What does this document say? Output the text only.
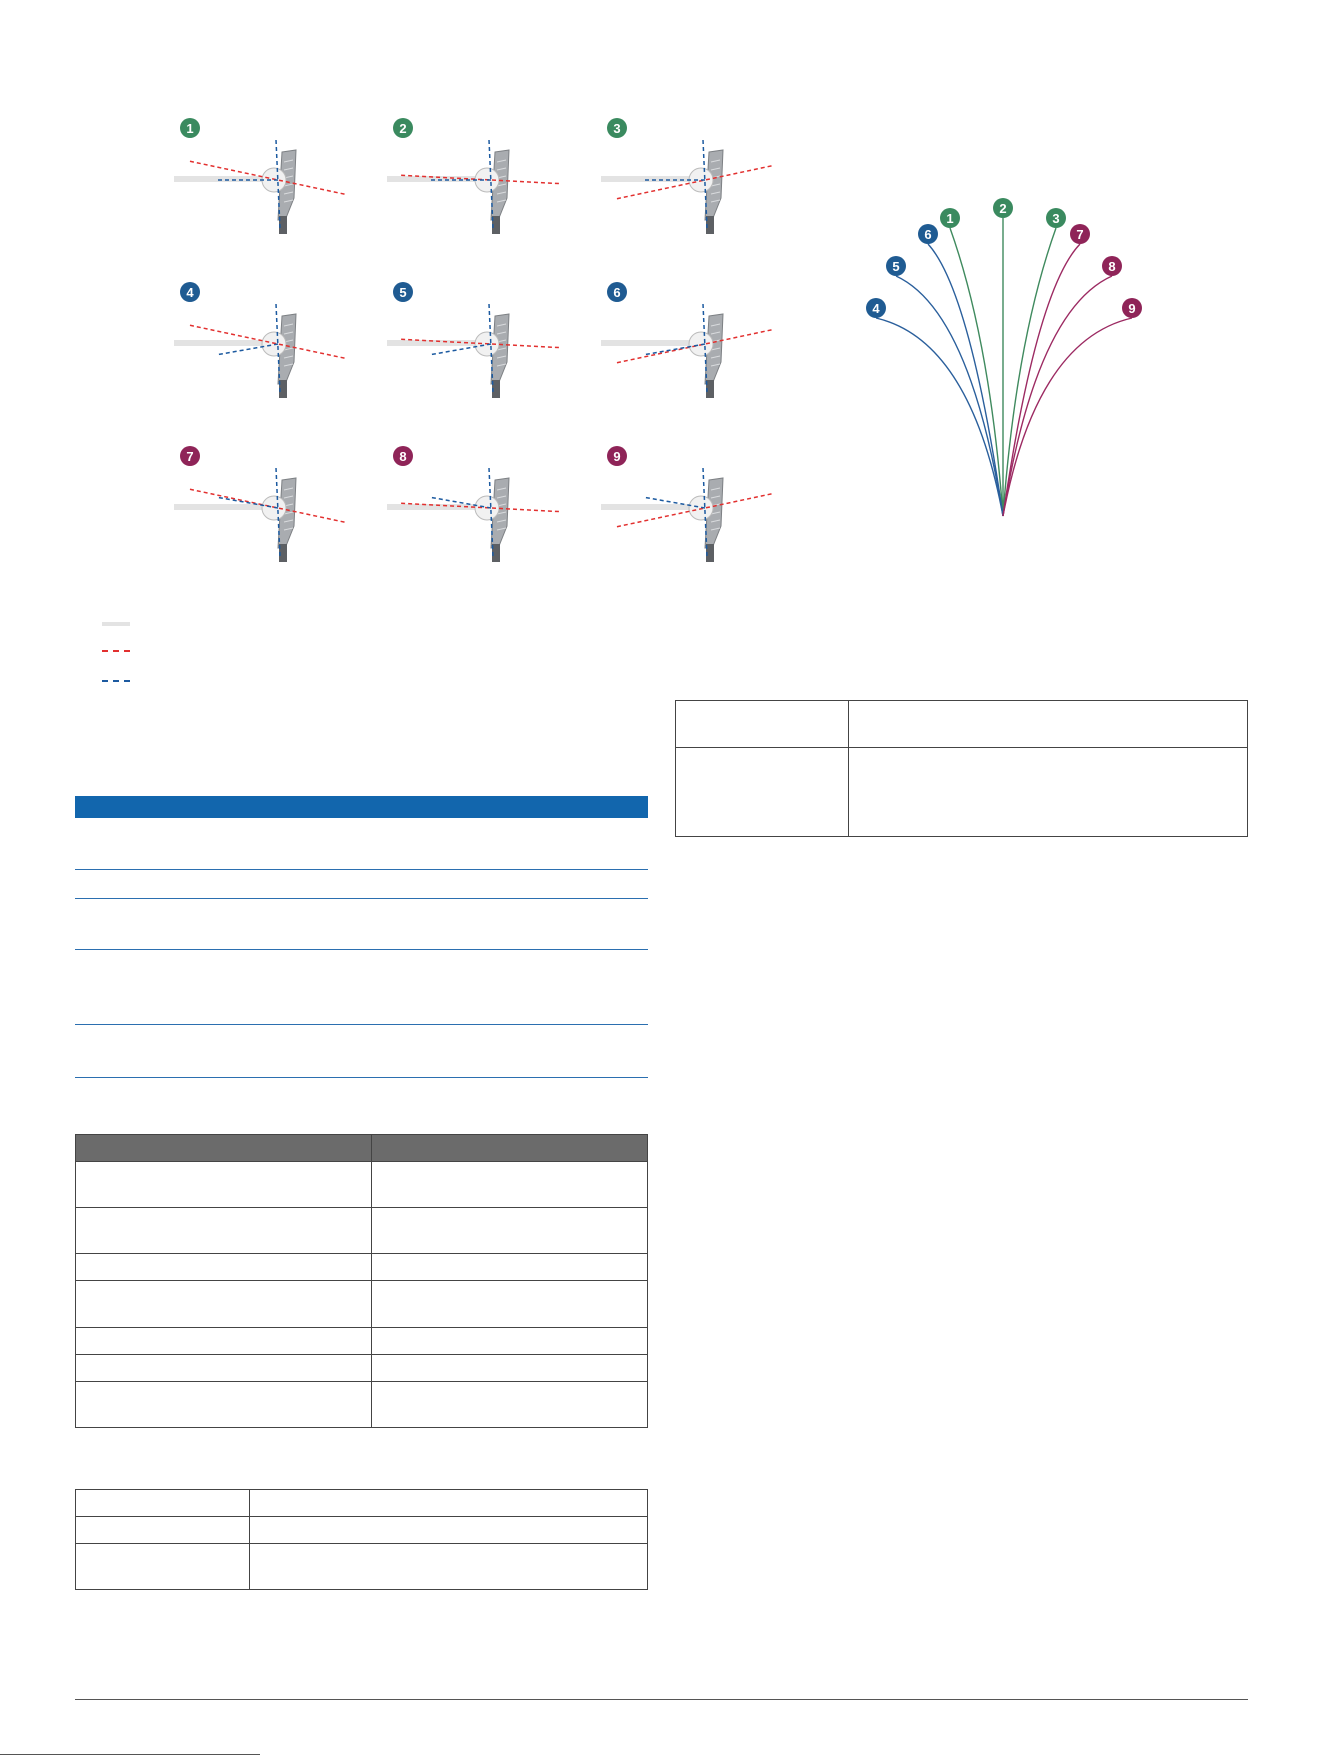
1	2	3
4	5	6
7	8	9
1
2
3
4
5
6	7
8
9
